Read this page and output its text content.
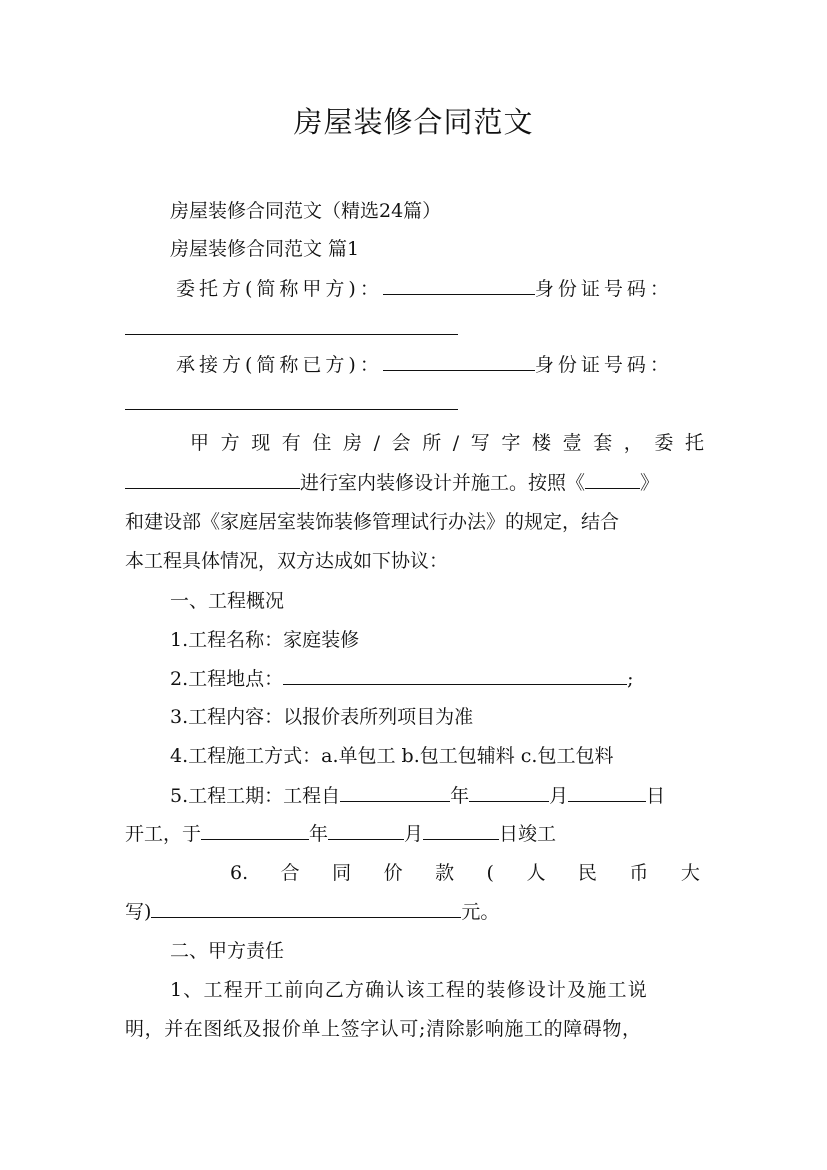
房屋装修合同范文
房屋装修合同范文（精选24篇）
房屋装修合同范文 篇1
委托方(简称甲方)：	身份证号码：
承接方(简称已方)：	身份证号码：
甲方现有住房/会所/写字楼壹套，委托
进行室内装修设计并施工。按照《	》
和建设部《家庭居室装饰装修管理试行办法》的规定，结合
本工程具体情况，双方达成如下协议：
一、工程概况
1.工程名称：家庭装修
2.工程地点：	;
3.工程内容：以报价表所列项目为准
4.工程施工方式：a.单包工 b.包工包辅料 c.包工包料
5.工程工期：工程自	年	月	日
开工，于	年	月	日竣工
6. 合 同 价 款 ( 人 民 币 大
写)	元。
二、甲方责任
1、工程开工前向乙方确认该工程的装修设计及施工说
明，并在图纸及报价单上签字认可;清除影响施工的障碍物，
